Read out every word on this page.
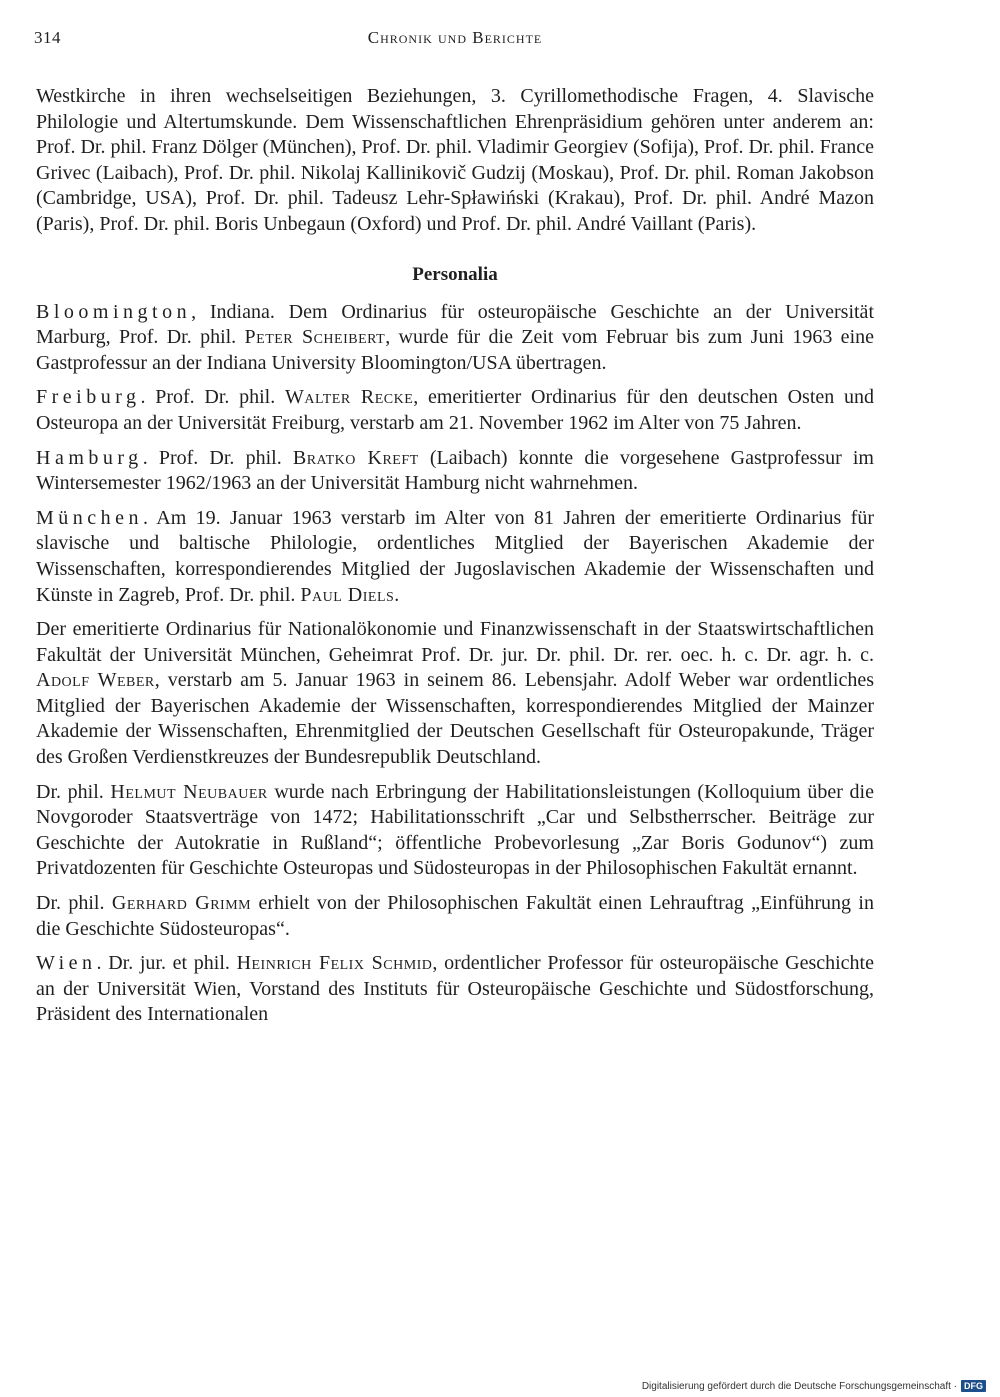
314	Chronik und Berichte

Westkirche in ihren wechselseitigen Beziehungen, 3. Cyrillomethodische Fragen, 4. Slavische Philologie und Altertumskunde. Dem Wissenschaftlichen Ehrenpräsidium gehören unter anderem an: Prof. Dr. phil. Franz Dölger (München), Prof. Dr. phil. Vladimir Georgiev (Sofija), Prof. Dr. phil. France Grivec (Laibach), Prof. Dr. phil. Nikolaj Kallinikovič Gudzij (Moskau), Prof. Dr. phil. Roman Jakobson (Cambridge, USA), Prof. Dr. phil. Tadeusz Lehr-Spławiński (Krakau), Prof. Dr. phil. André Mazon (Paris), Prof. Dr. phil. Boris Unbegaun (Oxford) und Prof. Dr. phil. André Vaillant (Paris).

Personalia

Bloomington, Indiana. Dem Ordinarius für osteuropäische Geschichte an der Universität Marburg, Prof. Dr. phil. Peter Scheibert, wurde für die Zeit vom Februar bis zum Juni 1963 eine Gastprofessur an der Indiana University Bloomington/USA übertragen.

Freiburg. Prof. Dr. phil. Walter Recke, emeritierter Ordinarius für den deutschen Osten und Osteuropa an der Universität Freiburg, verstarb am 21. November 1962 im Alter von 75 Jahren.

Hamburg. Prof. Dr. phil. Bratko Kreft (Laibach) konnte die vorgesehene Gastprofessur im Wintersemester 1962/1963 an der Universität Hamburg nicht wahrnehmen.

München. Am 19. Januar 1963 verstarb im Alter von 81 Jahren der emeritierte Ordinarius für slavische und baltische Philologie, ordentliches Mitglied der Bayerischen Akademie der Wissenschaften, korrespondierendes Mitglied der Jugoslavischen Akademie der Wissenschaften und Künste in Zagreb, Prof. Dr. phil. Paul Diels.

Der emeritierte Ordinarius für Nationalökonomie und Finanzwissenschaft in der Staatswirtschaftlichen Fakultät der Universität München, Geheimrat Prof. Dr. jur. Dr. phil. Dr. rer. oec. h. c. Dr. agr. h. c. Adolf Weber, verstarb am 5. Januar 1963 in seinem 86. Lebensjahr. Adolf Weber war ordentliches Mitglied der Bayerischen Akademie der Wissenschaften, korrespondierendes Mitglied der Mainzer Akademie der Wissenschaften, Ehrenmitglied der Deutschen Gesellschaft für Osteuropakunde, Träger des Großen Verdienstkreuzes der Bundesrepublik Deutschland.

Dr. phil. Helmut Neubauer wurde nach Erbringung der Habilitationsleistungen (Kolloquium über die Novgoroder Staatsverträge von 1472; Habilitationsschrift „Car und Selbstherrscher. Beiträge zur Geschichte der Autokratie in Rußland“; öffentliche Probevorlesung „Zar Boris Godunov“) zum Privatdozenten für Geschichte Osteuropas und Südosteuropas in der Philosophischen Fakultät ernannt.

Dr. phil. Gerhard Grimm erhielt von der Philosophischen Fakultät einen Lehrauftrag „Einführung in die Geschichte Südosteuropas“.

Wien. Dr. jur. et phil. Heinrich Felix Schmid, ordentlicher Professor für osteuropäische Geschichte an der Universität Wien, Vorstand des Instituts für Osteuropäische Geschichte und Südostforschung, Präsident des Internationalen

Digitalisierung gefördert durch die Deutsche Forschungsgemeinschaft · DFG
